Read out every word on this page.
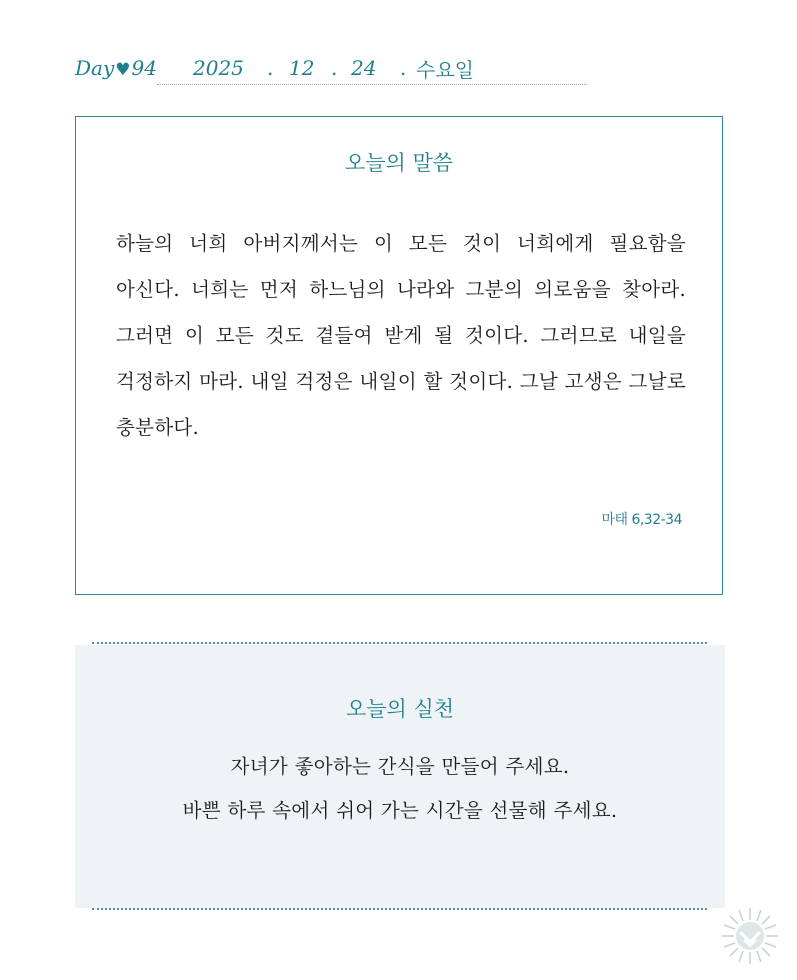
Day♥94 2025 . 12 . 24 . 수요일
오늘의 말씀
하늘의 너희 아버지께서는 이 모든 것이 너희에게 필요함을 아신다. 너희는 먼저 하느님의 나라와 그분의 의로움을 찾아라. 그러면 이 모든 것도 곁들여 받게 될 것이다. 그러므로 내일을 걱정하지 마라. 내일 걱정은 내일이 할 것이다. 그날 고생은 그날로 충분하다.
마태 6,32-34
오늘의 실천
자녀가 좋아하는 간식을 만들어 주세요.
바쁜 하루 속에서 쉬어 가는 시간을 선물해 주세요.
